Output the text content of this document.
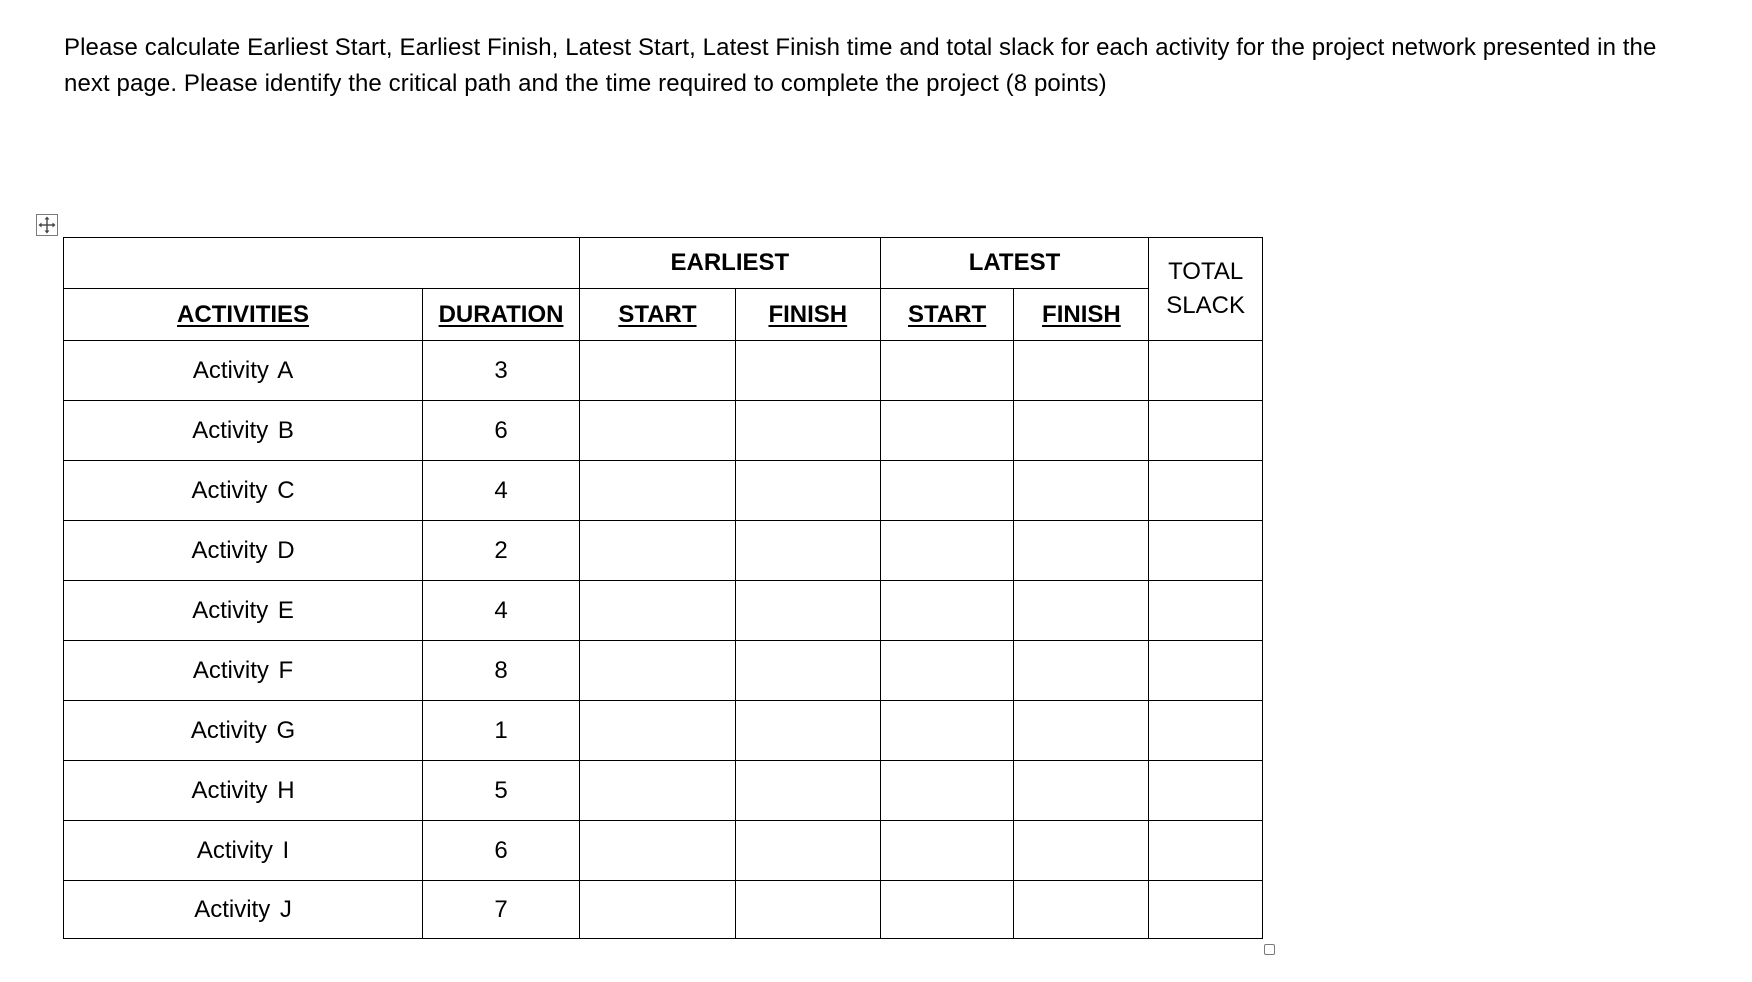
Please calculate Earliest Start, Earliest Finish, Latest Start, Latest Finish time and total slack for each activity for the project network presented in the next page. Please identify the critical path and the time required to complete the project (8 points)
		EARLIEST		LATEST		TOTAL
SLACK
ACTIVITIES	DURATION	START	FINISH	START	FINISH	
Activity A	3					
Activity B	6					
Activity C	4					
Activity D	2					
Activity E	4					
Activity F	8					
Activity G	1					
Activity H	5					
Activity I	6					
Activity J	7					
